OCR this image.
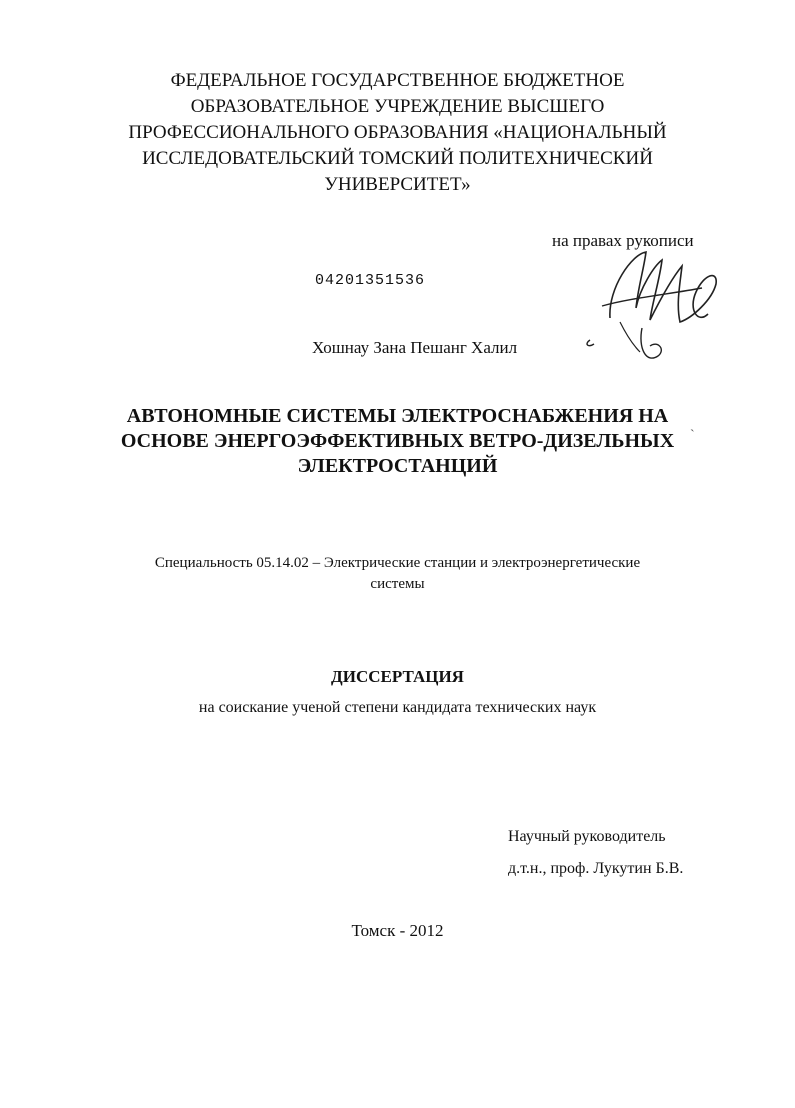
ФЕДЕРАЛЬНОЕ ГОСУДАРСТВЕННОЕ БЮДЖЕТНОЕ
ОБРАЗОВАТЕЛЬНОЕ УЧРЕЖДЕНИЕ ВЫСШЕГО
ПРОФЕССИОНАЛЬНОГО ОБРАЗОВАНИЯ «НАЦИОНАЛЬНЫЙ
ИССЛЕДОВАТЕЛЬСКИЙ ТОМСКИЙ ПОЛИТЕХНИЧЕСКИЙ
УНИВЕРСИТЕТ»
на правах рукописи
04201351536
Хошнау Зана Пешанг Халил
АВТОНОМНЫЕ СИСТЕМЫ ЭЛЕКТРОСНАБЖЕНИЯ НА
ОСНОВЕ ЭНЕРГОЭФФЕКТИВНЫХ ВЕТРО-ДИЗЕЛЬНЫХ
ЭЛЕКТРОСТАНЦИЙ
`
Специальность 05.14.02 – Электрические станции и электроэнергетические
системы
ДИССЕРТАЦИЯ
на соискание ученой степени кандидата технических наук
Научный руководитель
д.т.н., проф. Лукутин Б.В.
Томск - 2012
